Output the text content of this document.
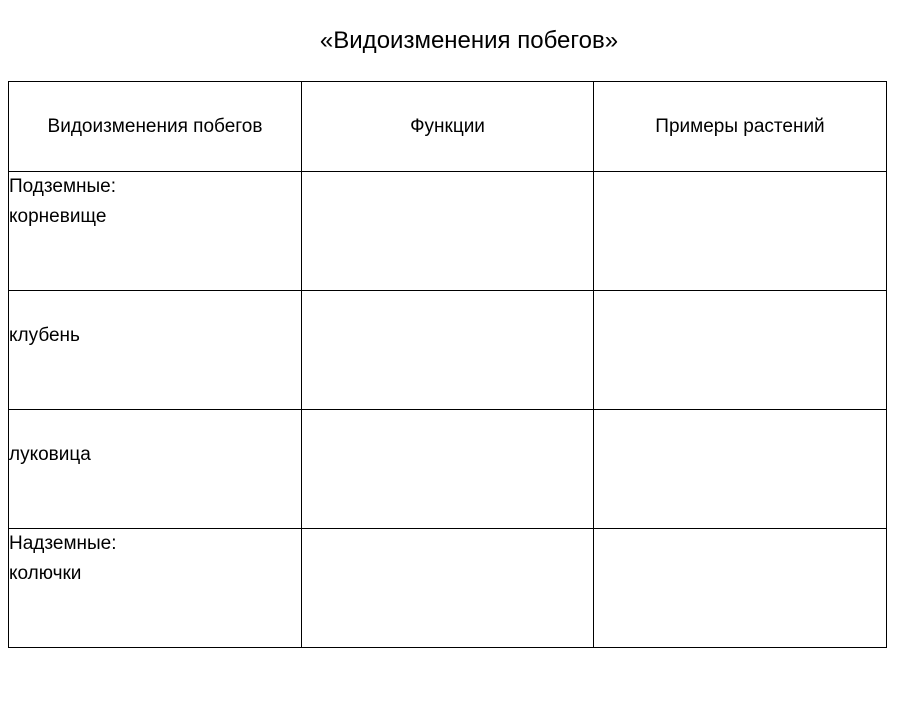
«Видоизменения побегов»
Видоизменения побегов	Функции	Примеры растений

Подземные:
корневище		

клубень		

луковица		

Надземные:
колючки		
